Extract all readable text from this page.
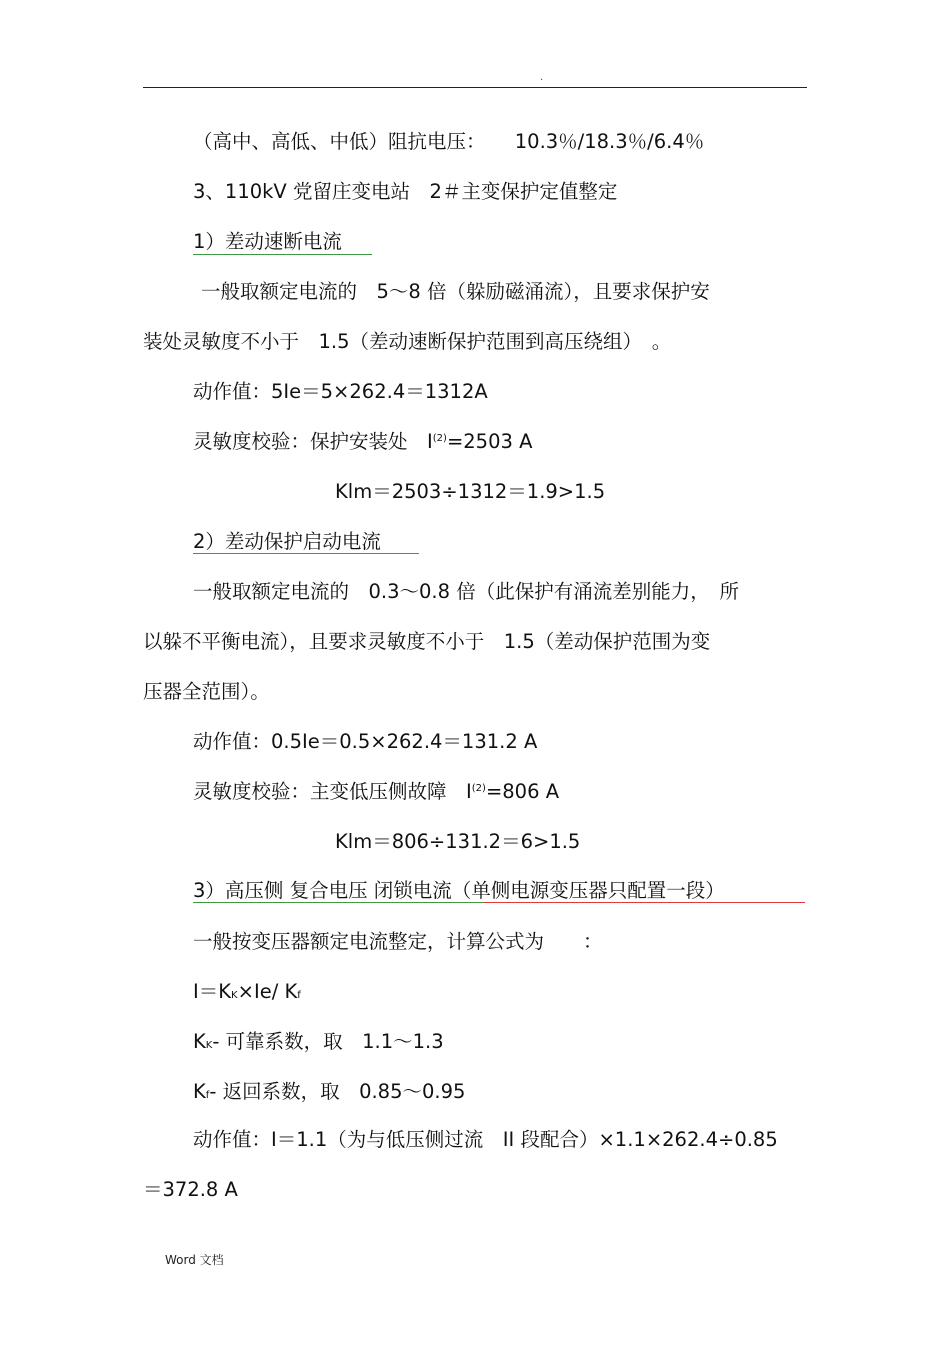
.
（高中、高低、中低）阻抗电压：　　10.3％/18.3％/6.4％
3、110kV 党留庄变电站　2＃主变保护定值整定
1）差动速断电流
一般取额定电流的　5～8 倍（躲励磁涌流），且要求保护安
装处灵敏度不小于　1.5（差动速断保护范围到高压绕组）　。
动作值：5Ie＝5×262.4＝1312A
灵敏度校验：保护安装处　$I^{(2)}=2503$ A
Klm＝2503÷1312＝1.9>1.5
2）差动保护启动电流
一般取额定电流的　0.3～0.8 倍（此保护有涌流差别能力，　所
以躲不平衡电流），且要求灵敏度不小于　1.5（差动保护范围为变
压器全范围）。
动作值：0.5Ie＝0.5×262.4＝131.2 A
灵敏度校验：主变低压侧故障　$I^{(2)}=806$ A
Klm＝806÷131.2＝6>1.5
3）高压侧 复合电压 闭锁电流（单侧电源变压器只配置一段）
一般按变压器额定电流整定，计算公式为　　：
I＝KK×Ie/ Kf
KK- 可靠系数，取　1.1～1.3
Kf- 返回系数，取　0.85～0.95
动作值：I＝1.1（为与低压侧过流　II 段配合）×1.1×262.4÷0.85
＝372.8 A
Word 文档
